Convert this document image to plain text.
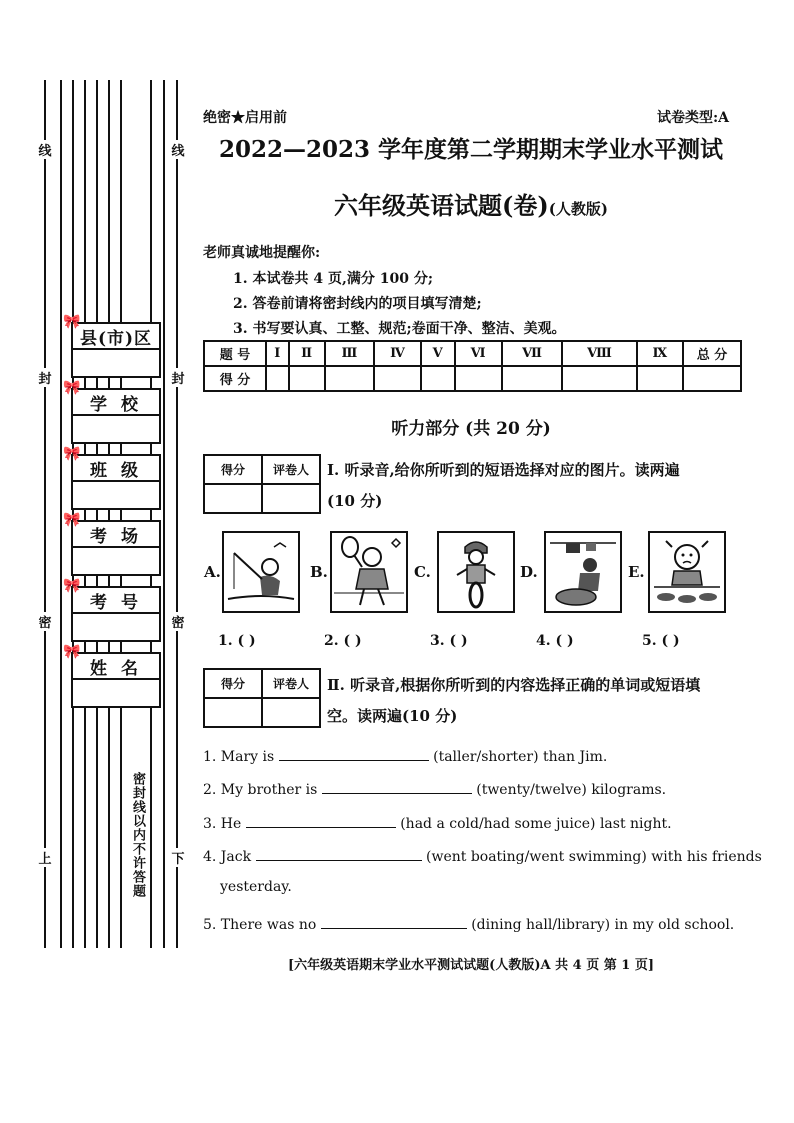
线
封
密
上
线
封
密
下
🎀
县(市)区
🎀
学 校
🎀
班 级
🎀
考 场
🎀
考 号
🎀
姓 名
密封线以内不许答题
绝密★启用前	试卷类型:A
2022—2023 学年度第二学期期末学业水平测试
六年级英语试题(卷)(人教版)
老师真诚地提醒你:
1. 本试卷共 4 页,满分 100 分;
2. 答卷前请将密封线内的项目填写清楚;
3. 书写要认真、工整、规范;卷面干净、整洁、美观。
题 号	Ⅰ	Ⅱ	Ⅲ	Ⅳ	Ⅴ	Ⅵ	Ⅶ	Ⅷ	Ⅸ	总 分
得 分										
听力部分 (共 20 分)
得分	评卷人
	Ⅰ. 听录音,给你所听到的短语选择对应的图片。读两遍
(10 分)
A.	B.	C.	D.	E.
1. ( )	2. ( )	3. ( )	4. ( )	5. ( )
得分	评卷人
	Ⅱ. 听录音,根据你所听到的内容选择正确的单词或短语填
空。读两遍(10 分)
1. Mary is	(taller/shorter) than Jim.
2. My brother is	(twenty/twelve) kilograms.
3. He	(had a cold/had some juice) last night.
4. Jack	(went boating/went swimming) with his friends
yesterday.
5. There was no	(dining hall/library) in my old school.
[六年级英语期末学业水平测试试题(人教版)A 共 4 页 第 1 页]
